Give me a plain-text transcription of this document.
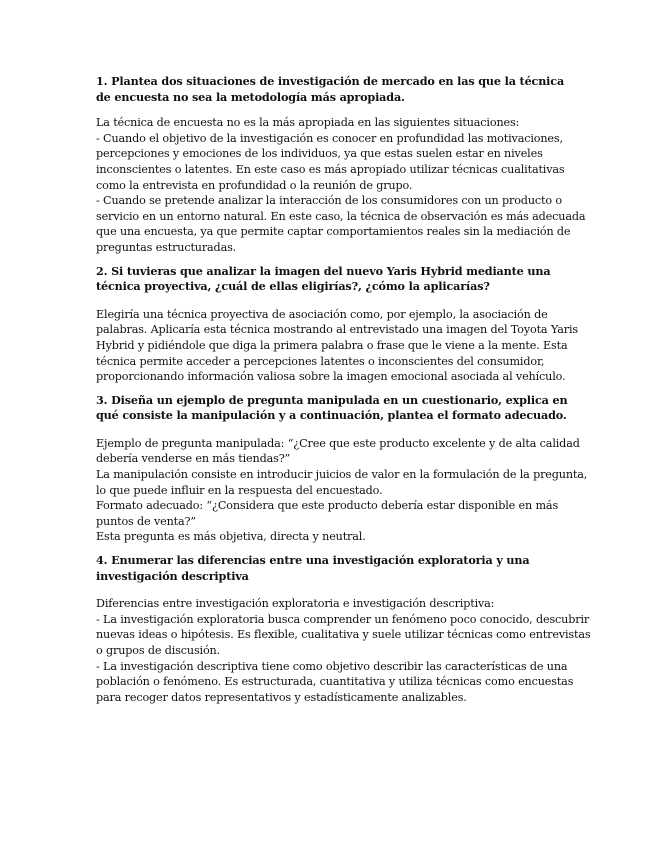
1. Plantea dos situaciones de investigación de mercado en las que la técnica
de encuesta no sea la metodología más apropiada.
La técnica de encuesta no es la más apropiada en las siguientes situaciones:
- Cuando el objetivo de la investigación es conocer en profundidad las motivaciones,
percepciones y emociones de los individuos, ya que estas suelen estar en niveles
inconscientes o latentes. En este caso es más apropiado utilizar técnicas cualitativas
como la entrevista en profundidad o la reunión de grupo.
- Cuando se pretende analizar la interacción de los consumidores con un producto o
servicio en un entorno natural. En este caso, la técnica de observación es más adecuada
que una encuesta, ya que permite captar comportamientos reales sin la mediación de
preguntas estructuradas.
2. Si tuvieras que analizar la imagen del nuevo Yaris Hybrid mediante una
técnica proyectiva, ¿cuál de ellas eligirías?, ¿cómo la aplicarías?
Elegiría una técnica proyectiva de asociación como, por ejemplo, la asociación de
palabras. Aplicaría esta técnica mostrando al entrevistado una imagen del Toyota Yaris
Hybrid y pidiéndole que diga la primera palabra o frase que le viene a la mente. Esta
técnica permite acceder a percepciones latentes o inconscientes del consumidor,
proporcionando información valiosa sobre la imagen emocional asociada al vehículo.
3. Diseña un ejemplo de pregunta manipulada en un cuestionario, explica en
qué consiste la manipulación y a continuación, plantea el formato adecuado.
Ejemplo de pregunta manipulada: “¿Cree que este producto excelente y de alta calidad
debería venderse en más tiendas?”
La manipulación consiste en introducir juicios de valor en la formulación de la pregunta,
lo que puede influir en la respuesta del encuestado.
Formato adecuado: “¿Considera que este producto debería estar disponible en más
puntos de venta?”
Esta pregunta es más objetiva, directa y neutral.
4. Enumerar las diferencias entre una investigación exploratoria y una
investigación descriptiva
Diferencias entre investigación exploratoria e investigación descriptiva:
- La investigación exploratoria busca comprender un fenómeno poco conocido, descubrir
nuevas ideas o hipótesis. Es flexible, cualitativa y suele utilizar técnicas como entrevistas
o grupos de discusión.
- La investigación descriptiva tiene como objetivo describir las características de una
población o fenómeno. Es estructurada, cuantitativa y utiliza técnicas como encuestas
para recoger datos representativos y estadísticamente analizables.
